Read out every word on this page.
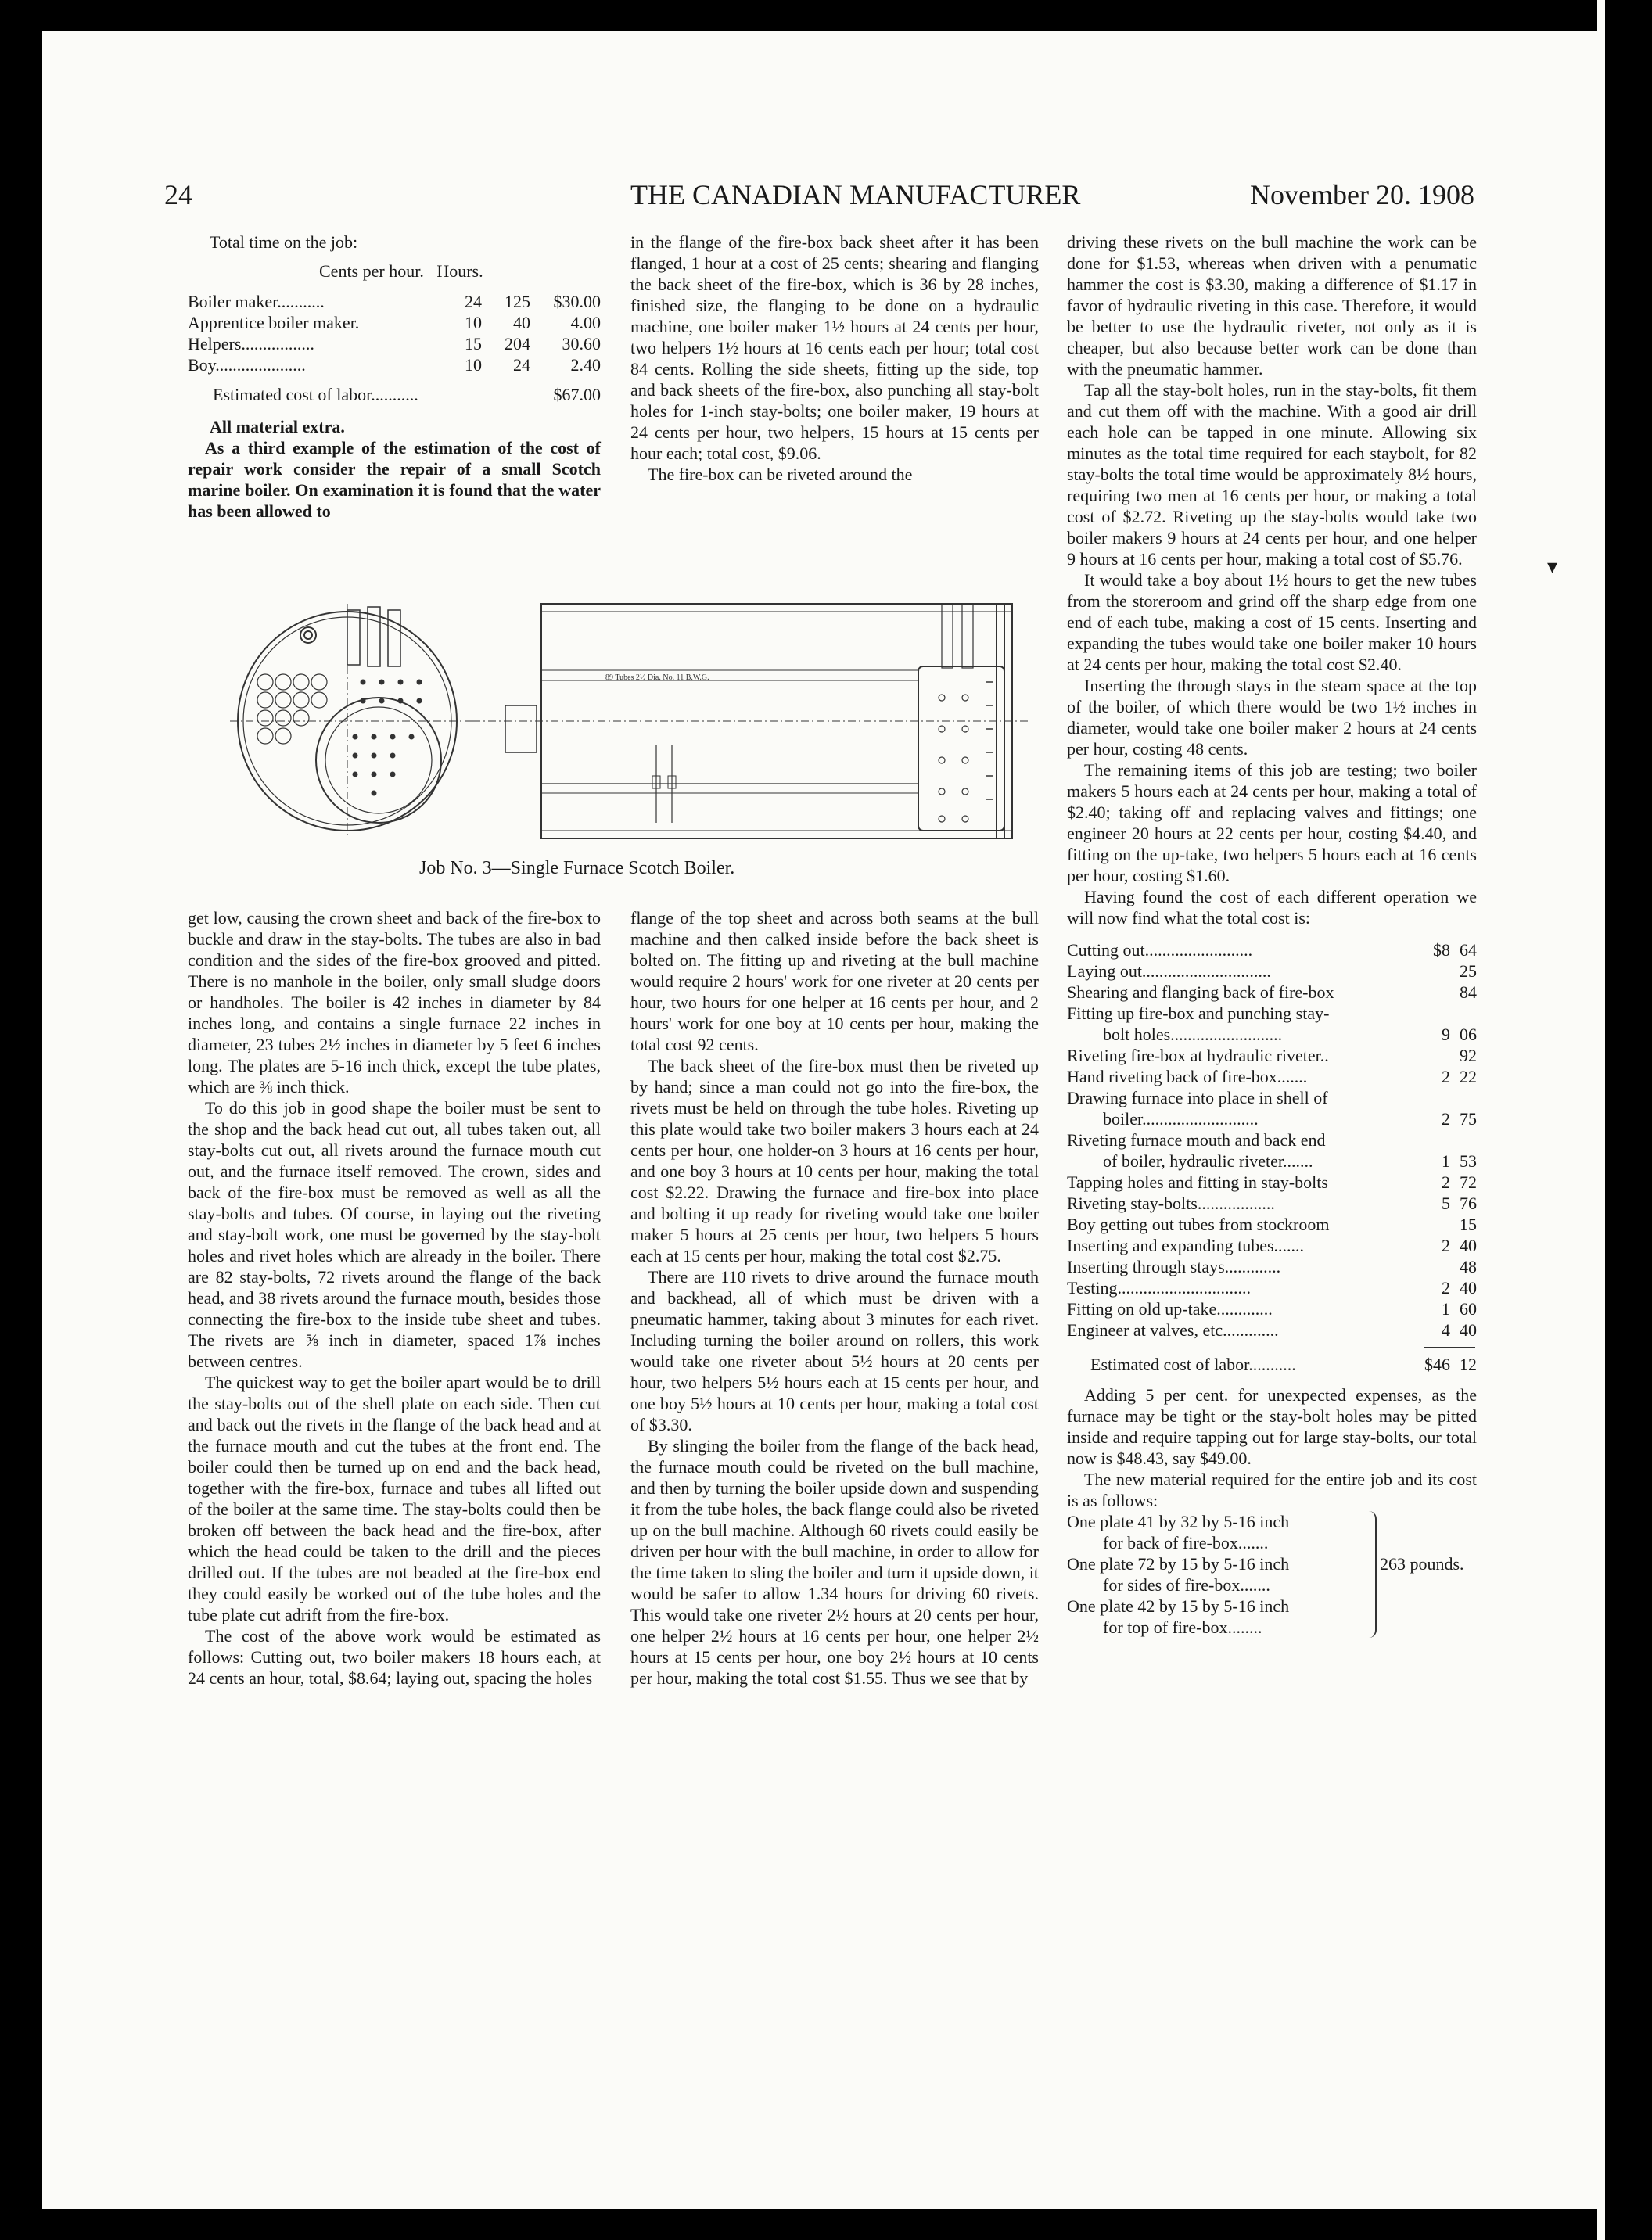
24	THE CANADIAN MANUFACTURER	November 20. 1908

Total time on the job:

Cents per hour. Hours.
Boiler maker...........	24	125	$30.00
Apprentice boiler maker.	10	40	4.00
Helpers.................	15	204	30.60
Boy.....................	10	24	2.40
Estimated cost of labor...........	$67.00

All material extra.

As a third example of the estimation of the cost of repair work consider the repair of a small Scotch marine boiler. On examination it is found that the water has been allowed to

in the flange of the fire-box back sheet after it has been flanged, 1 hour at a cost of 25 cents; shearing and flanging the back sheet of the fire-box, which is 36 by 28 inches, finished size, the flanging to be done on a hydraulic machine, one boiler maker 1½ hours at 24 cents per hour, two helpers 1½ hours at 16 cents each per hour; total cost 84 cents. Rolling the side sheets, fitting up the side, top and back sheets of the fire-box, also punching all stay-bolt holes for 1-inch stay-bolts; one boiler maker, 19 hours at 24 cents per hour, two helpers, 15 hours at 15 cents per hour each; total cost, $9.06.

The fire-box can be riveted around the

89 Tubes 2½ Dia. No. 11 B.W.G.
Job No. 3—Single Furnace Scotch Boiler.

get low, causing the crown sheet and back of the fire-box to buckle and draw in the stay-bolts. The tubes are also in bad condition and the sides of the fire-box grooved and pitted. There is no manhole in the boiler, only small sludge doors or handholes. The boiler is 42 inches in diameter by 84 inches long, and contains a single furnace 22 inches in diameter, 23 tubes 2½ inches in diameter by 5 feet 6 inches long. The plates are 5-16 inch thick, except the tube plates, which are ⅜ inch thick.

To do this job in good shape the boiler must be sent to the shop and the back head cut out, all tubes taken out, all stay-bolts cut out, all rivets around the furnace mouth cut out, and the furnace itself removed. The crown, sides and back of the fire-box must be removed as well as all the stay-bolts and tubes. Of course, in laying out the riveting and stay-bolt work, one must be governed by the stay-bolt holes and rivet holes which are already in the boiler. There are 82 stay-bolts, 72 rivets around the flange of the back head, and 38 rivets around the furnace mouth, besides those connecting the fire-box to the inside tube sheet and tubes. The rivets are ⅝ inch in diameter, spaced 1⅞ inches between centres.

The quickest way to get the boiler apart would be to drill the stay-bolts out of the shell plate on each side. Then cut and back out the rivets in the flange of the back head and at the furnace mouth and cut the tubes at the front end. The boiler could then be turned up on end and the back head, together with the fire-box, furnace and tubes all lifted out of the boiler at the same time. The stay-bolts could then be broken off between the back head and the fire-box, after which the head could be taken to the drill and the pieces drilled out. If the tubes are not beaded at the fire-box end they could easily be worked out of the tube holes and the tube plate cut adrift from the fire-box.

The cost of the above work would be estimated as follows: Cutting out, two boiler makers 18 hours each, at 24 cents an hour, total, $8.64; laying out, spacing the holes

flange of the top sheet and across both seams at the bull machine and then calked inside before the back sheet is bolted on. The fitting up and riveting at the bull machine would require 2 hours' work for one riveter at 20 cents per hour, two hours for one helper at 16 cents per hour, and 2 hours' work for one boy at 10 cents per hour, making the total cost 92 cents.

The back sheet of the fire-box must then be riveted up by hand; since a man could not go into the fire-box, the rivets must be held on through the tube holes. Riveting up this plate would take two boiler makers 3 hours each at 24 cents per hour, one holder-on 3 hours at 16 cents per hour, and one boy 3 hours at 10 cents per hour, making the total cost $2.22. Drawing the furnace and fire-box into place and bolting it up ready for riveting would take one boiler maker 5 hours at 25 cents per hour, two helpers 5 hours each at 15 cents per hour, making the total cost $2.75.

There are 110 rivets to drive around the furnace mouth and backhead, all of which must be driven with a pneumatic hammer, taking about 3 minutes for each rivet. Including turning the boiler around on rollers, this work would take one riveter about 5½ hours at 20 cents per hour, two helpers 5½ hours each at 15 cents per hour, and one boy 5½ hours at 10 cents per hour, making a total cost of $3.30.

By slinging the boiler from the flange of the back head, the furnace mouth could be riveted on the bull machine, and then by turning the boiler upside down and suspending it from the tube holes, the back flange could also be riveted up on the bull machine. Although 60 rivets could easily be driven per hour with the bull machine, in order to allow for the time taken to sling the boiler and turn it upside down, it would be safer to allow 1.34 hours for driving 60 rivets. This would take one riveter 2½ hours at 20 cents per hour, one helper 2½ hours at 16 cents per hour, one helper 2½ hours at 15 cents per hour, one boy 2½ hours at 10 cents per hour, making the total cost $1.55. Thus we see that by

driving these rivets on the bull machine the work can be done for $1.53, whereas when driven with a penumatic hammer the cost is $3.30, making a difference of $1.17 in favor of hydraulic riveting in this case. Therefore, it would be better to use the hydraulic riveter, not only as it is cheaper, but also because better work can be done than with the pneumatic hammer.

Tap all the stay-bolt holes, run in the stay-bolts, fit them and cut them off with the machine. With a good air drill each hole can be tapped in one minute. Allowing six minutes as the total time required for each staybolt, for 82 stay-bolts the total time would be approximately 8½ hours, requiring two men at 16 cents per hour, or making a total cost of $2.72. Riveting up the stay-bolts would take two boiler makers 9 hours at 24 cents per hour, and one helper 9 hours at 16 cents per hour, making a total cost of $5.76.

It would take a boy about 1½ hours to get the new tubes from the storeroom and grind off the sharp edge from one end of each tube, making a cost of 15 cents. Inserting and expanding the tubes would take one boiler maker 10 hours at 24 cents per hour, making the total cost $2.40.

Inserting the through stays in the steam space at the top of the boiler, of which there would be two 1½ inches in diameter, would take one boiler maker 2 hours at 24 cents per hour, costing 48 cents.

The remaining items of this job are testing; two boiler makers 5 hours each at 24 cents per hour, making a total of $2.40; taking off and replacing valves and fittings; one engineer 20 hours at 22 cents per hour, costing $4.40, and fitting on the up-take, two helpers 5 hours each at 16 cents per hour, costing $1.60.

Having found the cost of each different operation we will now find what the total cost is:

Cutting out.........................	$8	64
Laying out..............................		25
Shearing and flanging back of fire-box		84
Fitting up fire-box and punching stay-		
bolt holes..........................	9	06
Riveting fire-box at hydraulic riveter..		92
Hand riveting back of fire-box.......	2	22
Drawing furnace into place in shell of		
boiler...........................	2	75
Riveting furnace mouth and back end		
of boiler, hydraulic riveter.......	1	53
Tapping holes and fitting in stay-bolts	2	72
Riveting stay-bolts..................	5	76
Boy getting out tubes from stockroom		15
Inserting and expanding tubes.......	2	40
Inserting through stays.............		48
Testing...............................	2	40
Fitting on old up-take.............	1	60
Engineer at valves, etc.............	4	40
Estimated cost of labor...........	$46	12

Adding 5 per cent. for unexpected expenses, as the furnace may be tight or the stay-bolt holes may be pitted inside and require tapping out for large stay-bolts, our total now is $48.43, say $49.00.

The new material required for the entire job and its cost is as follows:

One plate 41 by 32 by 5-16 inch
for back of fire-box.......
One plate 72 by 15 by 5-16 inch
for sides of fire-box.......
One plate 42 by 15 by 5-16 inch
for top of fire-box........
263 pounds.
▾
